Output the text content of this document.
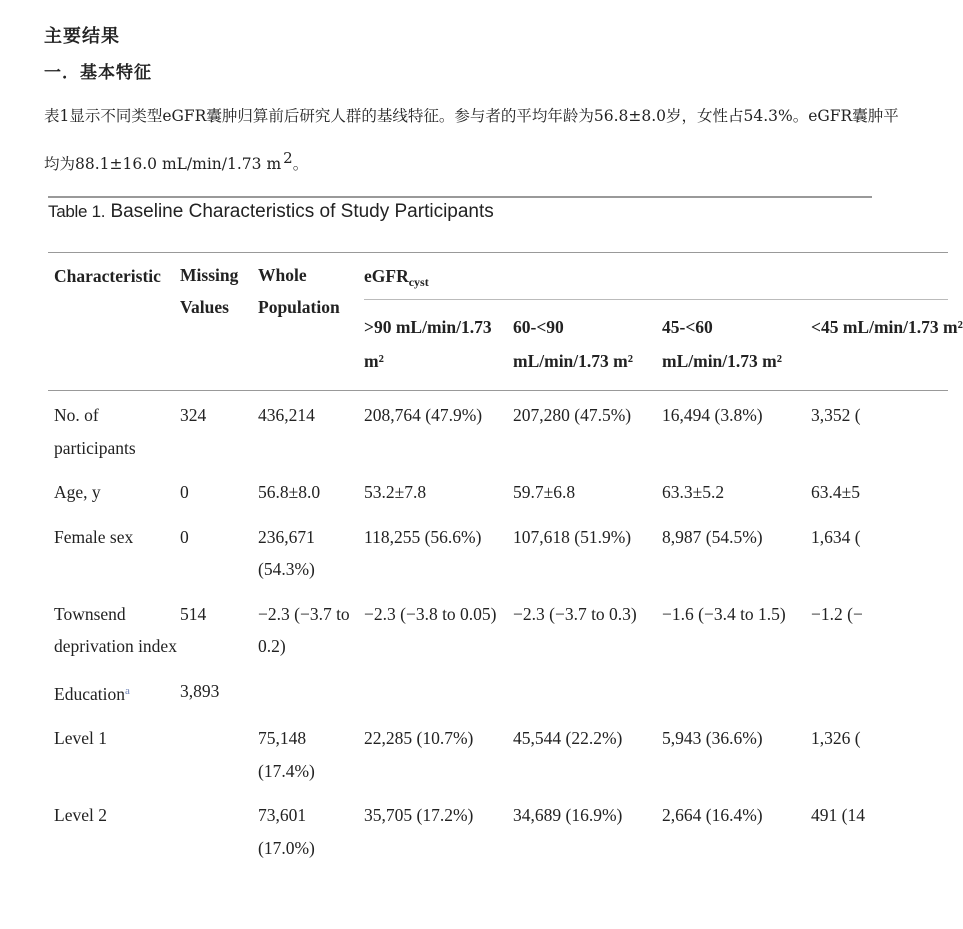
主要结果
一．基本特征
表1显示不同类型eGFR囊肿归算前后研究人群的基线特征。参与者的平均年龄为56.8±8.0岁，女性占54.3%。eGFR囊肿平均为88.1±16.0 mL/min/1.73 m $^2$。
Table 1. Baseline Characteristics of Study Participants
Characteristic	Missing Values	Whole Population	eGFR$_{cyst}$
			>90 mL/min/1.73 m²	60-<90 mL/min/1.73 m²	45-<60 mL/min/1.73 m²	<45 mL/min/1.73 m²
No. of participants	324	436,214	208,764 (47.9%)	207,280 (47.5%)	16,494 (3.8%)	3,352 (
Age, y	0	56.8±8.0	53.2±7.8	59.7±6.8	63.3±5.2	63.4±5
Female sex	0	236,671 (54.3%)	118,255 (56.6%)	107,618 (51.9%)	8,987 (54.5%)	1,634 (
Townsend deprivation index	514	−2.3 (−3.7 to 0.2)	−2.3 (−3.8 to 0.05)	−2.3 (−3.7 to 0.3)	−1.6 (−3.4 to 1.5)	−1.2 (−
Education$^a$	3,893					
Level 1		75,148 (17.4%)	22,285 (10.7%)	45,544 (22.2%)	5,943 (36.6%)	1,326 (
Level 2		73,601 (17.0%)	35,705 (17.2%)	34,689 (16.9%)	2,664 (16.4%)	491 (14
